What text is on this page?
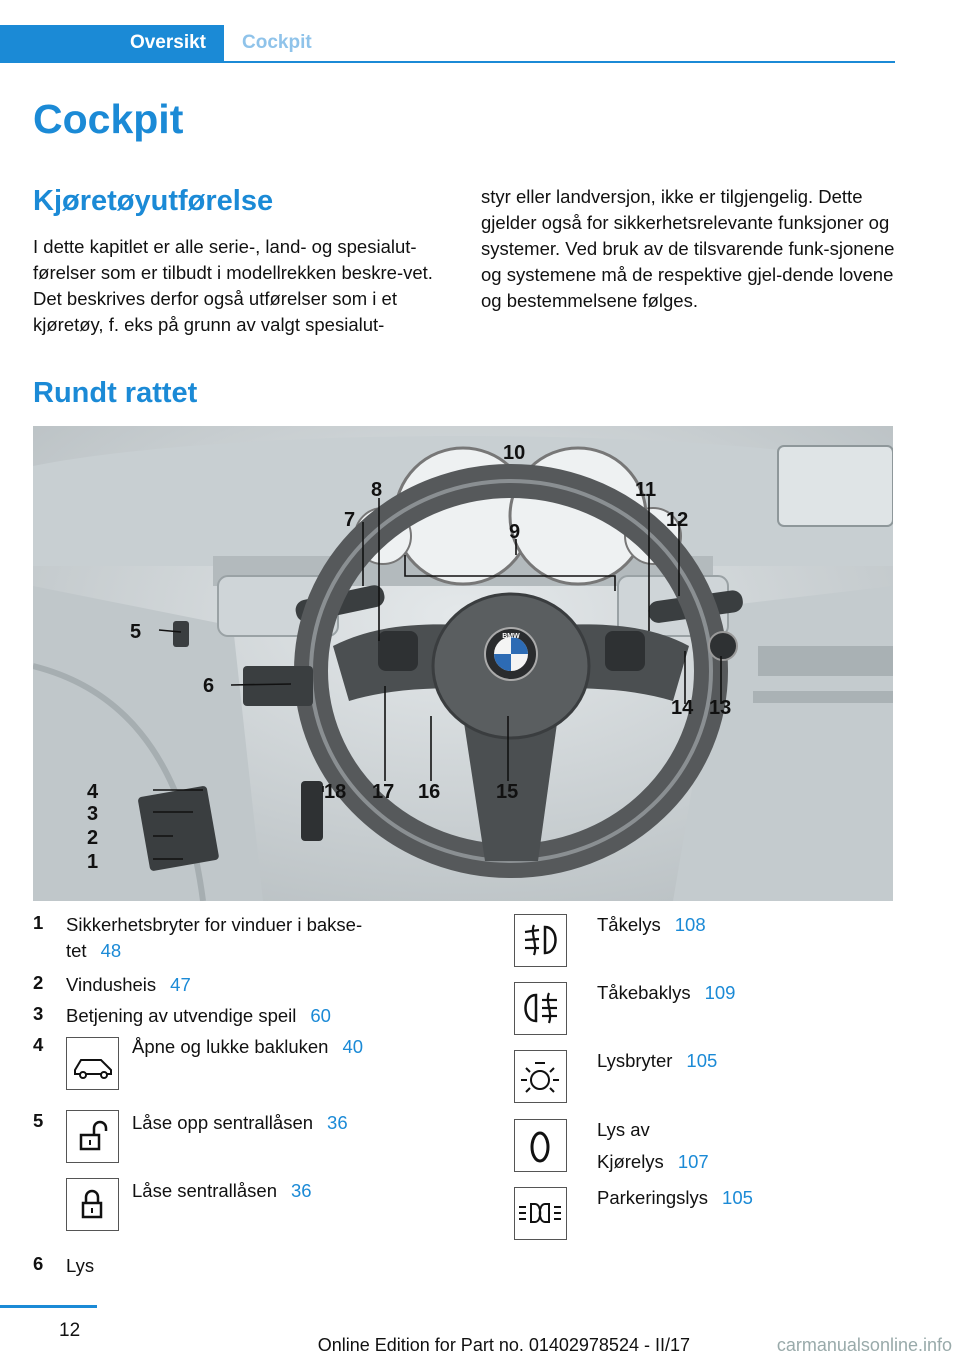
Oversikt Cockpit
Cockpit
Kjøretøyutførelse
I dette kapitlet er alle serie-, land- og spesialut-førelser som er tilbudt i modellrekken beskre-vet. Det beskrives derfor også utførelser som i et kjøretøy, f. eks på grunn av valgt spesialut-
styr eller landversjon, ikke er tilgjengelig. Dette gjelder også for sikkerhetsrelevante funksjoner og systemer. Ved bruk av de tilsvarende funk-sjonene og systemene må de respektive gjel-dende lovene og bestemmelsene følges.
Rundt rattet
BMW
1
2
3
4
5
6
7
8
9
10
11
12
13
14
15
16
17
18
1 Sikkerhetsbryter for vinduer i bakse-
tet 48
2 Vindusheis 47
3 Betjening av utvendige speil 60
4	Åpne og lukke bakluken 40
5	Låse opp sentrallåsen 36
Låse sentrallåsen 36
6 Lys
Tåkelys 108
Tåkebaklys 109
Lysbryter 105
Lys av
Kjørelys 107
Parkeringslys 105
12
Online Edition for Part no. 01402978524 - II/17	carmanualsonline.info
